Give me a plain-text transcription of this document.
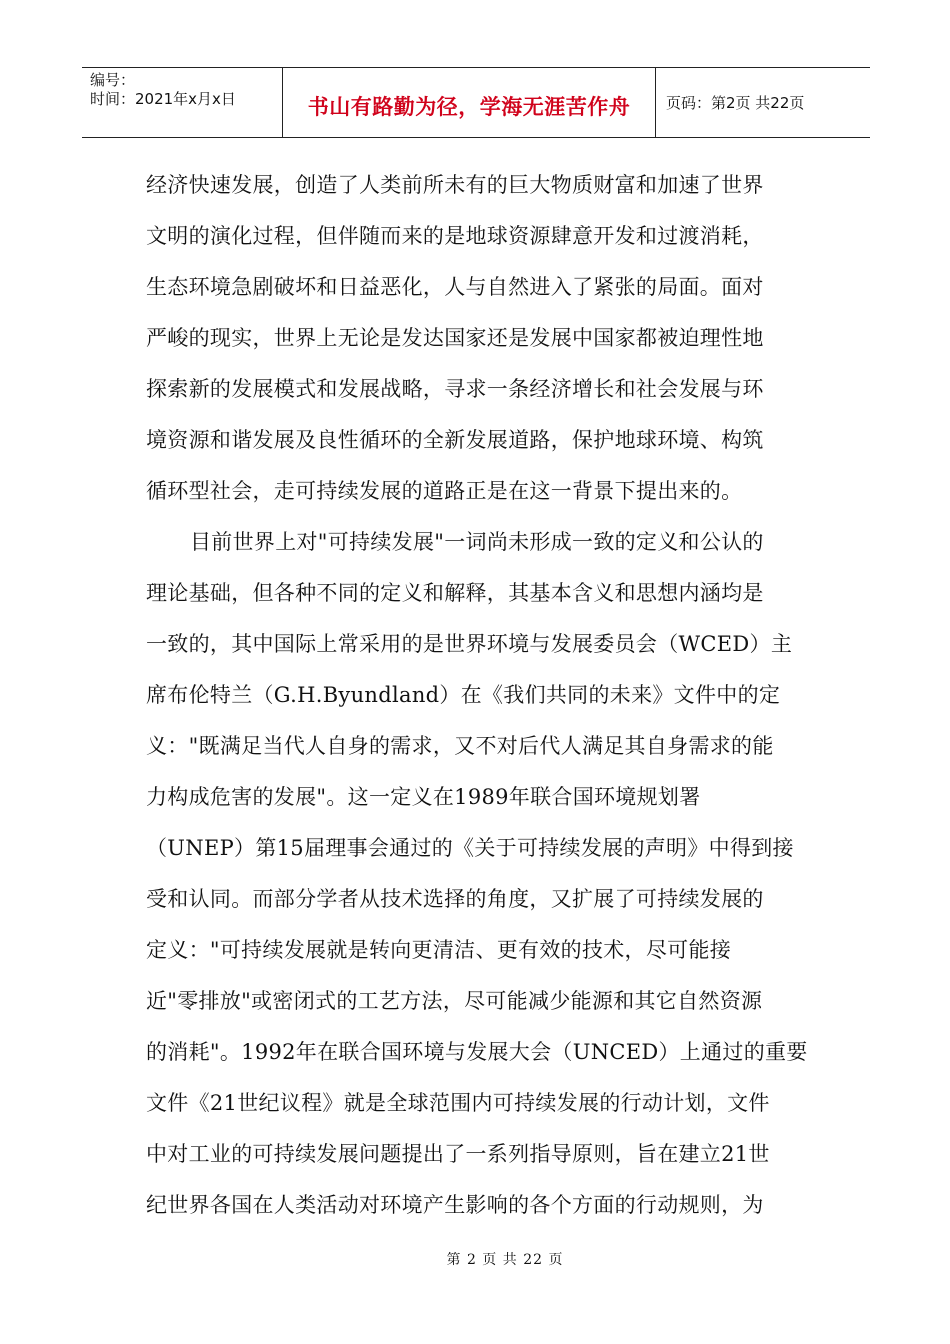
编号：
时间：2021年x月x日	书山有路勤为径，学海无涯苦作舟 页码：第2页 共22页
经济快速发展，创造了人类前所未有的巨大物质财富和加速了世界
文明的演化过程，但伴随而来的是地球资源肆意开发和过渡消耗，
生态环境急剧破坏和日益恶化，人与自然进入了紧张的局面。面对
严峻的现实，世界上无论是发达国家还是发展中国家都被迫理性地
探索新的发展模式和发展战略，寻求一条经济增长和社会发展与环
境资源和谐发展及良性循环的全新发展道路，保护地球环境、构筑
循环型社会，走可持续发展的道路正是在这一背景下提出来的。
目前世界上对"可持续发展"一词尚未形成一致的定义和公认的
理论基础，但各种不同的定义和解释，其基本含义和思想内涵均是
一致的，其中国际上常采用的是世界环境与发展委员会（WCED）主
席布伦特兰（G.H.Byundland）在《我们共同的未来》文件中的定
义："既满足当代人自身的需求，又不对后代人满足其自身需求的能
力构成危害的发展"。这一定义在1989年联合国环境规划署
（UNEP）第15届理事会通过的《关于可持续发展的声明》中得到接
受和认同。而部分学者从技术选择的角度，又扩展了可持续发展的
定义："可持续发展就是转向更清洁、更有效的技术，尽可能接
近"零排放"或密闭式的工艺方法，尽可能减少能源和其它自然资源
的消耗"。1992年在联合国环境与发展大会（UNCED）上通过的重要
文件《21世纪议程》就是全球范围内可持续发展的行动计划，文件
中对工业的可持续发展问题提出了一系列指导原则，旨在建立21世
纪世界各国在人类活动对环境产生影响的各个方面的行动规则，为
第 2 页 共 22 页
